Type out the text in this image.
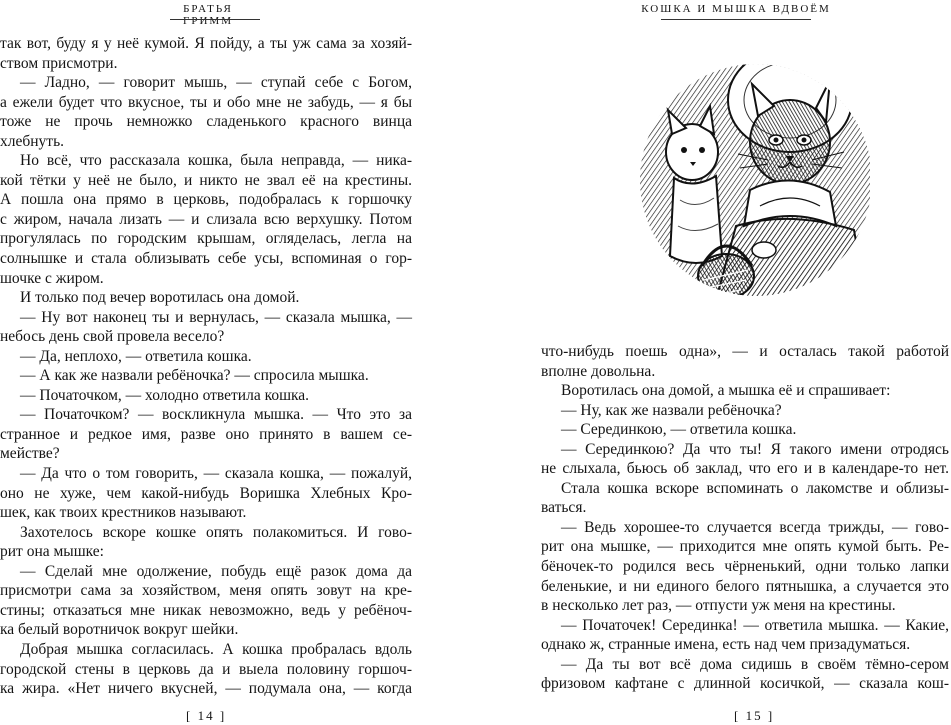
БРАТЬЯ ГРИММ
так вот, буду я у неё кумой. Я пойду, а ты уж сама за хозяй-
ством присмотри.
— Ладно, — говорит мышь, — ступай себе с Богом,
а ежели будет что вкусное, ты и обо мне не забудь, — я бы
тоже не прочь немножко сладенького красного винца
хлебнуть.
Но всё, что рассказала кошка, была неправда, — ника-
кой тётки у неё не было, и никто не звал её на крестины.
А пошла она прямо в церковь, подобралась к горшочку
с жиром, начала лизать — и слизала всю верхушку. Потом
прогулялась по городским крышам, огляделась, легла на
солнышке и стала облизывать себе усы, вспоминая о гор-
шочке с жиром.
И только под вечер воротилась она домой.
— Ну вот наконец ты и вернулась, — сказала мышка, —
небось день свой провела весело?
— Да, неплохо, — ответила кошка.
— А как же назвали ребёночка? — спросила мышка.
— Початочком, — холодно ответила кошка.
— Початочком? — воскликнула мышка. — Что это за
странное и редкое имя, разве оно принято в вашем се-
мействе?
— Да что о том говорить, — сказала кошка, — пожалуй,
оно не хуже, чем какой-нибудь Воришка Хлебных Кро-
шек, как твоих крестников называют.
Захотелось вскоре кошке опять полакомиться. И гово-
рит она мышке:
— Сделай мне одолжение, побудь ещё разок дома да
присмотри сама за хозяйством, меня опять зовут на кре-
стины; отказаться мне никак невозможно, ведь у ребёноч-
ка белый воротничок вокруг шейки.
Добрая мышка согласилась. А кошка пробралась вдоль
городской стены в церковь да и выела половину горшоч-
ка жира. «Нет ничего вкусней, — подумала она, — когда
[ 14 ]
КОШКА И МЫШКА ВДВОЁМ
что-нибудь поешь одна», — и осталась такой работой
вполне довольна.
Воротилась она домой, а мышка её и спрашивает:
— Ну, как же назвали ребёночка?
— Серединкою, — ответила кошка.
— Серединкою? Да что ты! Я такого имени отродясь
не слыхала, бьюсь об заклад, что его и в календаре-то нет.
Стала кошка вскоре вспоминать о лакомстве и облизы-
ваться.
— Ведь хорошее-то случается всегда трижды, — гово-
рит она мышке, — приходится мне опять кумой быть. Ре-
бёночек-то родился весь чёрненький, одни только лапки
беленькие, и ни единого белого пятнышка, а случается это
в несколько лет раз, — отпусти уж меня на крестины.
— Початочек! Серединка! — ответила мышка. — Какие,
однако ж, странные имена, есть над чем призадуматься.
— Да ты вот всё дома сидишь в своём тёмно-сером
фризовом кафтане с длинной косичкой, — сказала кош-
[ 15 ]
